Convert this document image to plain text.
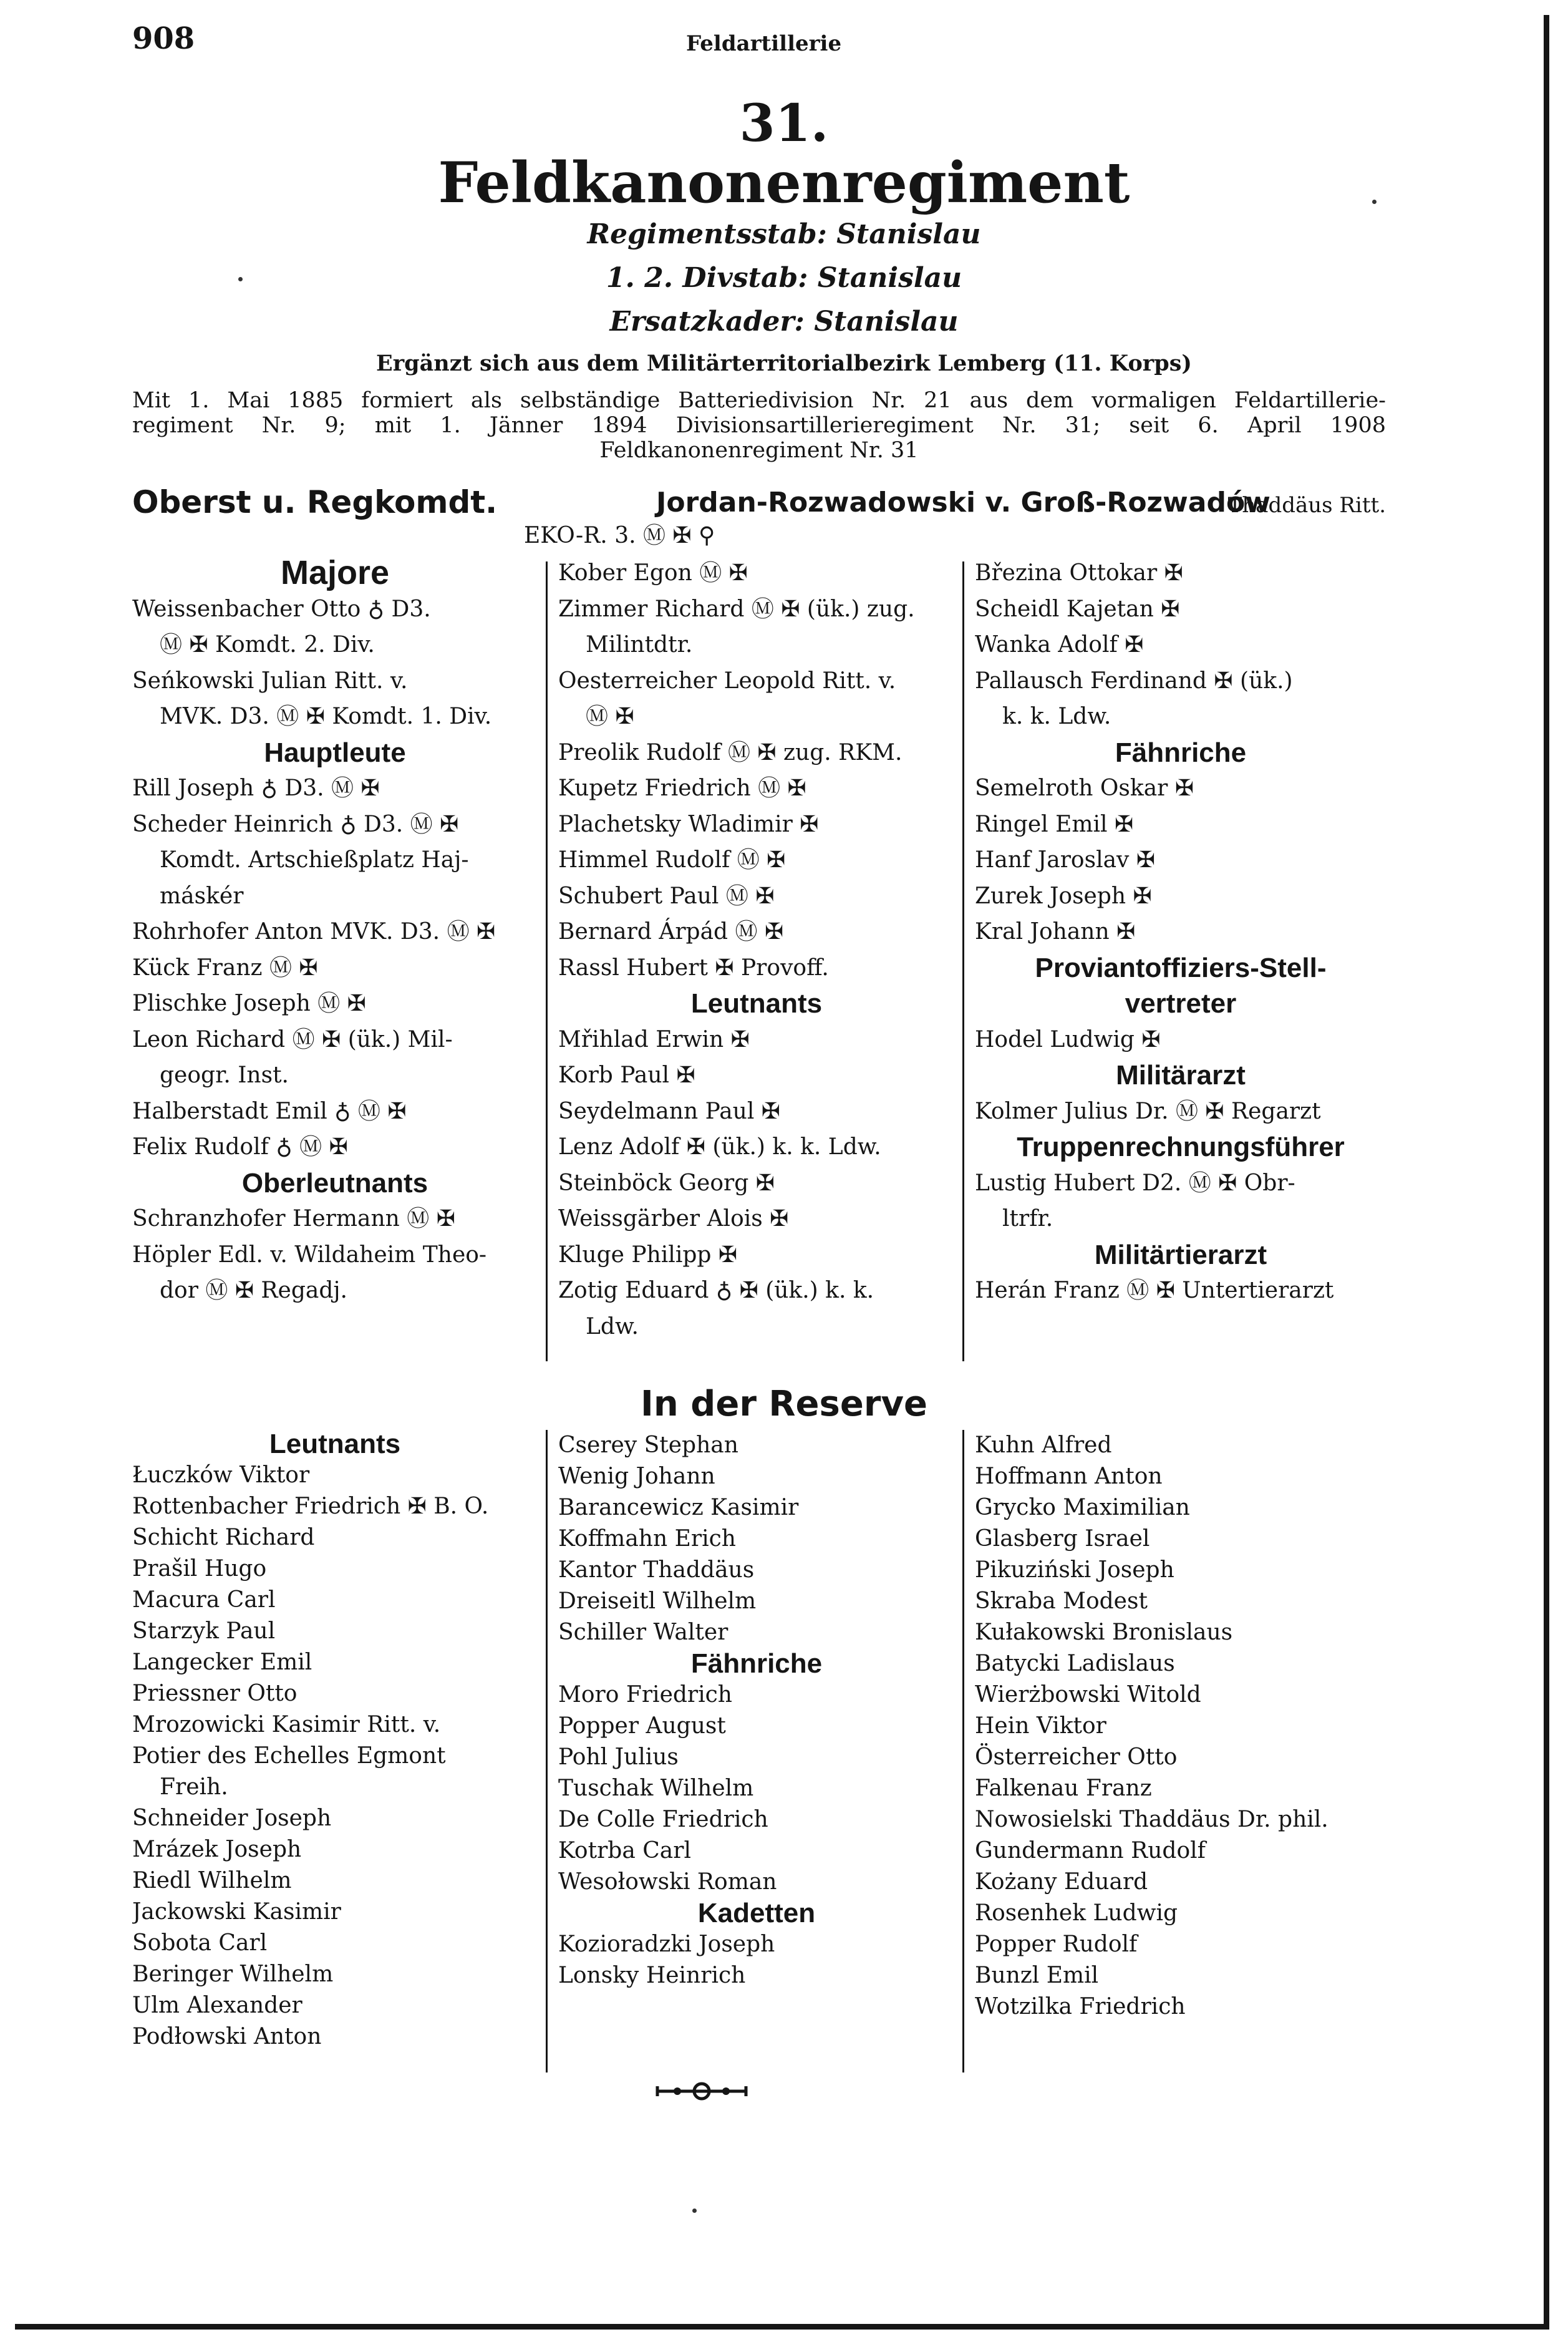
908	Feldartillerie
31.
Feldkanonenregiment
Regimentsstab: Stanislau
1. 2. Divstab: Stanislau
Ersatzkader: Stanislau
Ergänzt sich aus dem Militärterritorialbezirk Lemberg (11. Korps)
Mit 1. Mai 1885 formiert als selbständige Batteriedivision Nr. 21 aus dem vormaligen Feldartillerie-
regiment Nr. 9; mit 1. Jänner 1894 Divisionsartillerieregiment Nr. 31; seit 6. April 1908
Feldkanonenregiment Nr. 31
Oberst u. Regkomdt.	Jordan-Rozwadowski v. Groß-Rozwadów
Thaddäus Ritt.
EKO-R. 3. Ⓜ ✠ ⚲
Majore
Weissenbacher Otto ♁ D3.
Ⓜ ✠ Komdt. 2. Div.
Seńkowski Julian Ritt. v.
MVK. D3. Ⓜ ✠ Komdt. 1. Div.
Hauptleute
Rill Joseph ♁ D3. Ⓜ ✠
Scheder Heinrich ♁ D3. Ⓜ ✠
Komdt. Artschießplatz Haj-
máskér
Rohrhofer Anton MVK. D3. Ⓜ ✠
Kück Franz Ⓜ ✠
Plischke Joseph Ⓜ ✠
Leon Richard Ⓜ ✠ (ük.) Mil-
geogr. Inst.
Halberstadt Emil ♁ Ⓜ ✠
Felix Rudolf ♁ Ⓜ ✠
Oberleutnants
Schranzhofer Hermann Ⓜ ✠
Höpler Edl. v. Wildaheim Theo-
dor Ⓜ ✠ Regadj.
Kober Egon Ⓜ ✠
Zimmer Richard Ⓜ ✠ (ük.) zug.
Milintdtr.
Oesterreicher Leopold Ritt. v.
Ⓜ ✠
Preolik Rudolf Ⓜ ✠ zug. RKM.
Kupetz Friedrich Ⓜ ✠
Plachetsky Wladimir ✠
Himmel Rudolf Ⓜ ✠
Schubert Paul Ⓜ ✠
Bernard Árpád Ⓜ ✠
Rassl Hubert ✠ Provoff.
Leutnants
Mřihlad Erwin ✠
Korb Paul ✠
Seydelmann Paul ✠
Lenz Adolf ✠ (ük.) k. k. Ldw.
Steinböck Georg ✠
Weissgärber Alois ✠
Kluge Philipp ✠
Zotig Eduard ♁ ✠ (ük.) k. k.
Ldw.
Březina Ottokar ✠
Scheidl Kajetan ✠
Wanka Adolf ✠
Pallausch Ferdinand ✠ (ük.)
k. k. Ldw.
Fähnriche
Semelroth Oskar ✠
Ringel Emil ✠
Hanf Jaroslav ✠
Zurek Joseph ✠
Kral Johann ✠
Proviantoffiziers-Stell-
vertreter
Hodel Ludwig ✠
Militärarzt
Kolmer Julius Dr. Ⓜ ✠ Regarzt
Truppenrechnungsführer
Lustig Hubert D2. Ⓜ ✠ Obr-
ltrfr.
Militärtierarzt
Herán Franz Ⓜ ✠ Untertierarzt
In der Reserve
Leutnants
Łuczków Viktor
Rottenbacher Friedrich ✠ B. O.
Schicht Richard
Prašil Hugo
Macura Carl
Starzyk Paul
Langecker Emil
Priessner Otto
Mrozowicki Kasimir Ritt. v.
Potier des Echelles Egmont
Freih.
Schneider Joseph
Mrázek Joseph
Riedl Wilhelm
Jackowski Kasimir
Sobota Carl
Beringer Wilhelm
Ulm Alexander
Podłowski Anton
Cserey Stephan
Wenig Johann
Barancewicz Kasimir
Koffmahn Erich
Kantor Thaddäus
Dreiseitl Wilhelm
Schiller Walter
Fähnriche
Moro Friedrich
Popper August
Pohl Julius
Tuschak Wilhelm
De Colle Friedrich
Kotrba Carl
Wesołowski Roman
Kadetten
Kozioradzki Joseph
Lonsky Heinrich
Kuhn Alfred
Hoffmann Anton
Grycko Maximilian
Glasberg Israel
Pikuziński Joseph
Skraba Modest
Kułakowski Bronislaus
Batycki Ladislaus
Wierżbowski Witold
Hein Viktor
Österreicher Otto
Falkenau Franz
Nowosielski Thaddäus Dr. phil.
Gundermann Rudolf
Kożany Eduard
Rosenhek Ludwig
Popper Rudolf
Bunzl Emil
Wotzilka Friedrich
